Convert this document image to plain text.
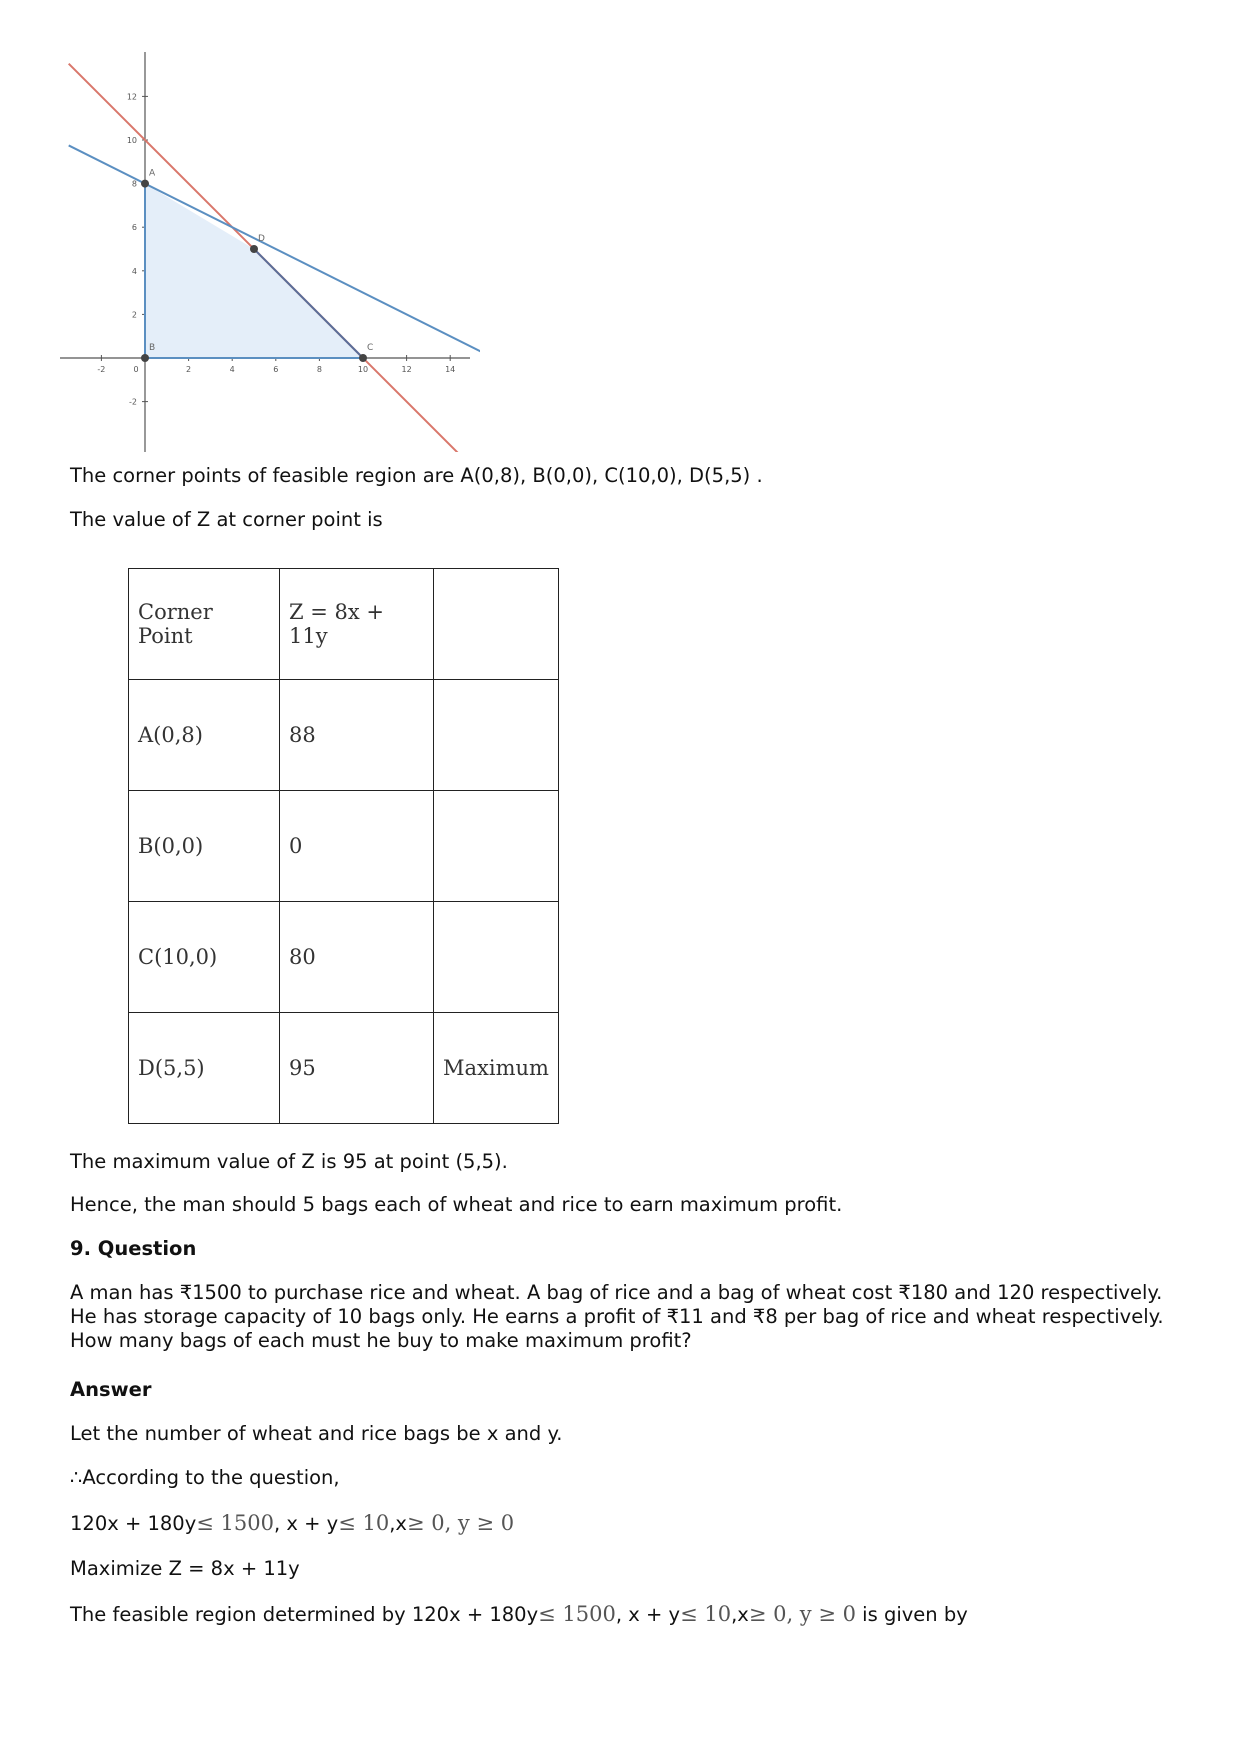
-2	0	2	4	6	8	10	12	14
12
10
8
6
4
2
-2
A
B	C
D

The corner points of feasible region are A(0,8), B(0,0), C(10,0), D(5,5) .

The value of Z at corner point is

Corner Point	Z = 8x + 11y	
A(0,8)	88	
B(0,0)	0	
C(10,0)	80	
D(5,5)	95	Maximum

The maximum value of Z is 95 at point (5,5).

Hence, the man should 5 bags each of wheat and rice to earn maximum profit.

9. Question

A man has ₹1500 to purchase rice and wheat. A bag of rice and a bag of wheat cost ₹180 and 120 respectively. He has storage capacity of 10 bags only. He earns a profit of ₹11 and ₹8 per bag of rice and wheat respectively. How many bags of each must he buy to make maximum profit?

Answer

Let the number of wheat and rice bags be x and y.

∴According to the question,

120x + 180y≤ 1500, x + y≤ 10,x≥ 0, y ≥ 0

Maximize Z = 8x + 11y

The feasible region determined by 120x + 180y≤ 1500, x + y≤ 10,x≥ 0, y ≥ 0 is given by
